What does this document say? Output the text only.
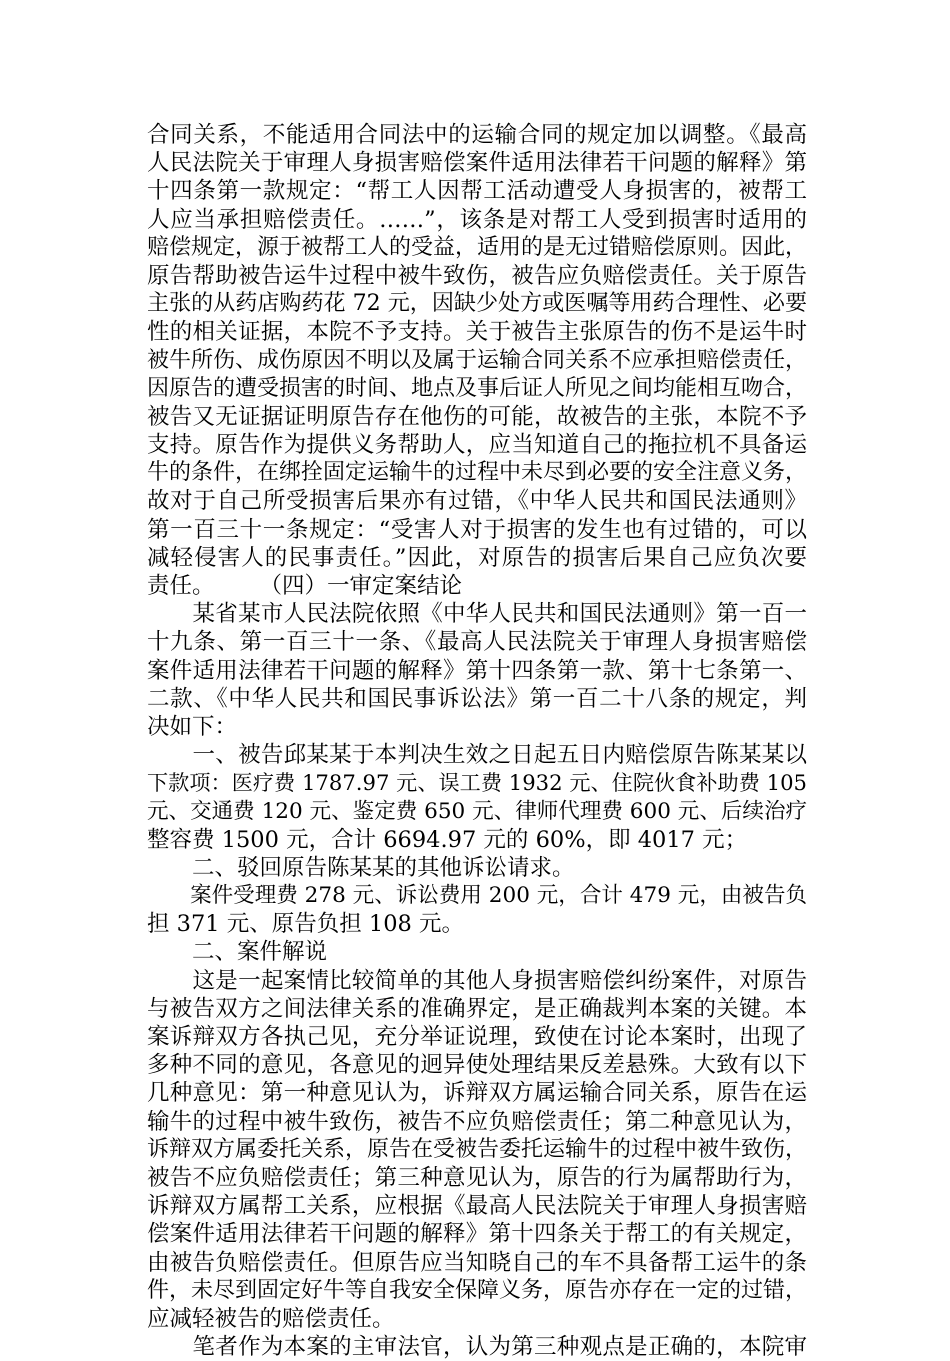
合同关系，不能适用合同法中的运输合同的规定加以调整。《最高
人民法院关于审理人身损害赔偿案件适用法律若干问题的解释》第
十四条第一款规定：“帮工人因帮工活动遭受人身损害的，被帮工
人应当承担赔偿责任。……”，该条是对帮工人受到损害时适用的
赔偿规定，源于被帮工人的受益，适用的是无过错赔偿原则。因此，
原告帮助被告运牛过程中被牛致伤，被告应负赔偿责任。关于原告
主张的从药店购药花 72 元，因缺少处方或医嘱等用药合理性、必要
性的相关证据，本院不予支持。关于被告主张原告的伤不是运牛时
被牛所伤、成伤原因不明以及属于运输合同关系不应承担赔偿责任，
因原告的遭受损害的时间、地点及事后证人所见之间均能相互吻合，
被告又无证据证明原告存在他伤的可能，故被告的主张，本院不予
支持。原告作为提供义务帮助人，应当知道自己的拖拉机不具备运
牛的条件，在绑拴固定运输牛的过程中未尽到必要的安全注意义务，
故对于自己所受损害后果亦有过错，《中华人民共和国民法通则》
第一百三十一条规定：“受害人对于损害的发生也有过错的，可以
减轻侵害人的民事责任。”因此，对原告的损害后果自己应负次要
责任。　　　（四）一审定案结论
　　某省某市人民法院依照《中华人民共和国民法通则》第一百一
十九条、第一百三十一条、《最高人民法院关于审理人身损害赔偿
案件适用法律若干问题的解释》第十四条第一款、第十七条第一、
二款、《中华人民共和国民事诉讼法》第一百二十八条的规定，判
决如下：
　　一、被告邱某某于本判决生效之日起五日内赔偿原告陈某某以
下款项：医疗费 1787.97 元、误工费 1932 元、住院伙食补助费 105
元、交通费 120 元、鉴定费 650 元、律师代理费 600 元、后续治疗
整容费 1500 元，合计 6694.97 元的 60%，即 4017 元；
　　二、驳回原告陈某某的其他诉讼请求。
　　案件受理费 278 元、诉讼费用 200 元，合计 479 元，由被告负
担 371 元、原告负担 108 元。
　　二、案件解说
　　这是一起案情比较简单的其他人身损害赔偿纠纷案件，对原告
与被告双方之间法律关系的准确界定，是正确裁判本案的关键。本
案诉辩双方各执己见，充分举证说理，致使在讨论本案时，出现了
多种不同的意见，各意见的迥异使处理结果反差悬殊。大致有以下
几种意见：第一种意见认为，诉辩双方属运输合同关系，原告在运
输牛的过程中被牛致伤，被告不应负赔偿责任；第二种意见认为，
诉辩双方属委托关系，原告在受被告委托运输牛的过程中被牛致伤，
被告不应负赔偿责任；第三种意见认为，原告的行为属帮助行为，
诉辩双方属帮工关系，应根据《最高人民法院关于审理人身损害赔
偿案件适用法律若干问题的解释》第十四条关于帮工的有关规定，
由被告负赔偿责任。但原告应当知晓自己的车不具备帮工运牛的条
件，未尽到固定好牛等自我安全保障义务，原告亦存在一定的过错，
应减轻被告的赔偿责任。
　　笔者作为本案的主审法官，认为第三种观点是正确的，本院审
